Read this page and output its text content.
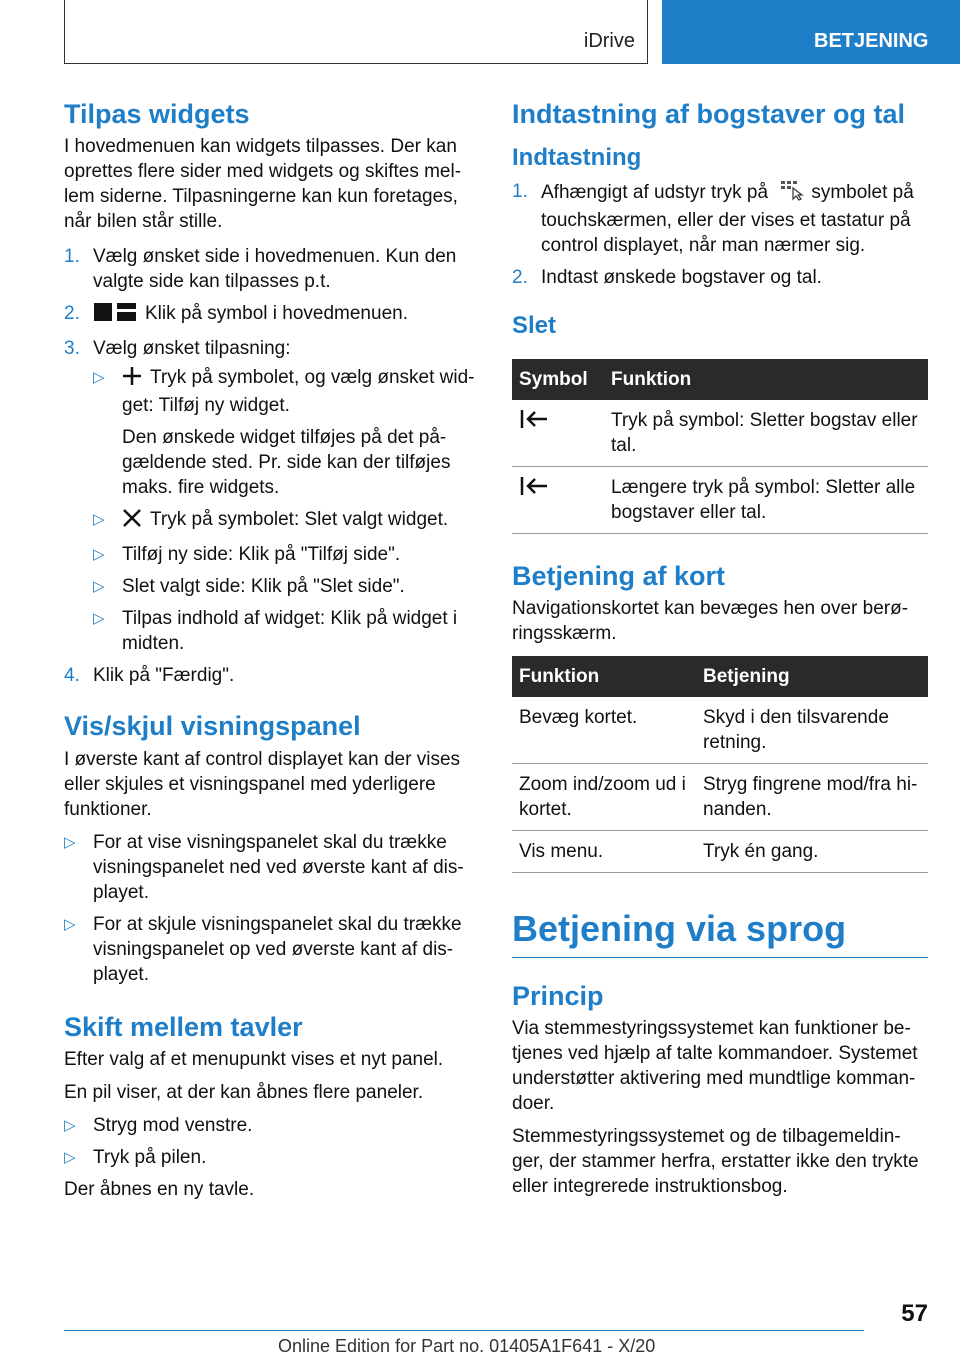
iDrive	BETJENING
Tilpas widgets

I hovedmenuen kan widgets tilpasses. Der kan oprettes flere sider med widgets og skiftes mel-lem siderne. Tilpasningerne kan kun foretages, når bilen står stille.

1. Vælg ønsket side i hovedmenuen. Kun den valgte side kan tilpasses p.t.
2.	Klik på symbol i hovedmenuen.
3. Vælg ønsket tilpasning:
▷ Tryk på symbolet, og vælg ønsket wid-get: Tilføj ny widget.
Den ønskede widget tilføjes på det på-gældende sted. Pr. side kan der tilføjes maks. fire widgets.
▷ Tryk på symbolet: Slet valgt widget.
▷ Tilføj ny side: Klik på "Tilføj side".
▷ Slet valgt side: Klik på "Slet side".
▷ Tilpas indhold af widget: Klik på widget i midten.
4. Klik på "Færdig".
Vis/skjul visningspanel

I øverste kant af control displayet kan der vises eller skjules et visningspanel med yderligere funktioner.

▷ For at vise visningspanelet skal du trække visningspanelet ned ved øverste kant af dis-playet.
▷ For at skjule visningspanelet skal du trække visningspanelet op ved øverste kant af dis-playet.
Skift mellem tavler

Efter valg af et menupunkt vises et nyt panel.

En pil viser, at der kan åbnes flere paneler.

▷ Stryg mod venstre.
▷ Tryk på pilen.

Der åbnes en ny tavle.

Indtastning af bogstaver og tal
Indtastning
1. Afhængigt af udstyr tryk på symbolet på touchskærmen, eller der vises et tastatur på control displayet, når man nærmer sig.
2. Indtast ønskede bogstaver og tal.
Slet
Symbol	Funktion
	Tryk på symbol: Sletter bogstav eller tal.
	Længere tryk på symbol: Sletter alle bogstaver eller tal.
Betjening af kort

Navigationskortet kan bevæges hen over berø-ringsskærm.

Funktion	Betjening
Bevæg kortet.	Skyd i den tilsvarende retning.
Zoom ind/zoom ud i kortet.	Stryg fingrene mod/fra hi-nanden.
Vis menu.	Tryk én gang.
Betjening via sprog
Princip

Via stemmestyringssystemet kan funktioner be-tjenes ved hjælp af talte kommandoer. Systemet understøtter aktivering med mundtlige komman-doer.

Stemmestyringssystemet og de tilbagemeldin-ger, der stammer herfra, erstatter ikke den trykte eller integrerede instruktionsbog.

57
Online Edition for Part no. 01405A1F641 - X/20
